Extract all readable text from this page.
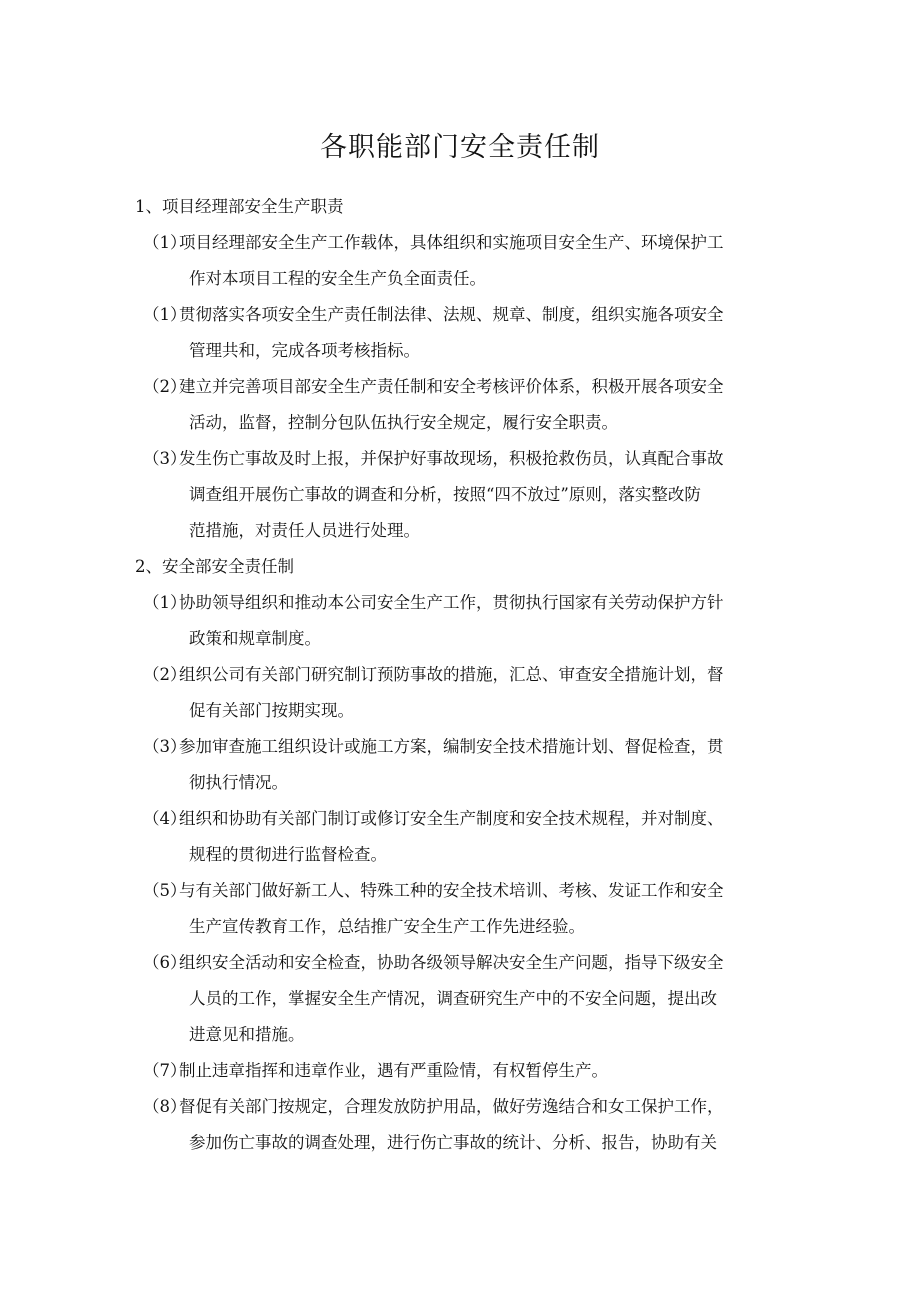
各职能部门安全责任制
1、项目经理部安全生产职责
（1）
项目经理部安全生产工作载体，具体组织和实施项目安全生产、环境保护工
作对本项目工程的安全生产负全面责任。
（1）
贯彻落实各项安全生产责任制法律、法规、规章、制度，组织实施各项安全
管理共和，完成各项考核指标。
（2）
建立并完善项目部安全生产责任制和安全考核评价体系，积极开展各项安全
活动，监督，控制分包队伍执行安全规定，履行安全职责。
（3）
发生伤亡事故及时上报，并保护好事故现场，积极抢救伤员，认真配合事故
调查组开展伤亡事故的调查和分析，按照“四不放过”原则，落实整改防
范措施，对责任人员进行处理。
2、安全部安全责任制
（1）
协助领导组织和推动本公司安全生产工作，贯彻执行国家有关劳动保护方针
政策和规章制度。
（2）
组织公司有关部门研究制订预防事故的措施，汇总、审查安全措施计划，督
促有关部门按期实现。
（3）
参加审查施工组织设计或施工方案，编制安全技术措施计划、督促检查，贯
彻执行情况。
（4）
组织和协助有关部门制订或修订安全生产制度和安全技术规程，并对制度、
规程的贯彻进行监督检查。
（5）
与有关部门做好新工人、特殊工种的安全技术培训、考核、发证工作和安全
生产宣传教育工作，总结推广安全生产工作先进经验。
（6）
组织安全活动和安全检查，协助各级领导解决安全生产问题，指导下级安全
人员的工作，掌握安全生产情况，调查研究生产中的不安全问题，提出改
进意见和措施。
（7）
制止违章指挥和违章作业，遇有严重险情，有权暂停生产。
（8）
督促有关部门按规定，合理发放防护用品，做好劳逸结合和女工保护工作，
参加伤亡事故的调查处理，进行伤亡事故的统计、分析、报告，协助有关
